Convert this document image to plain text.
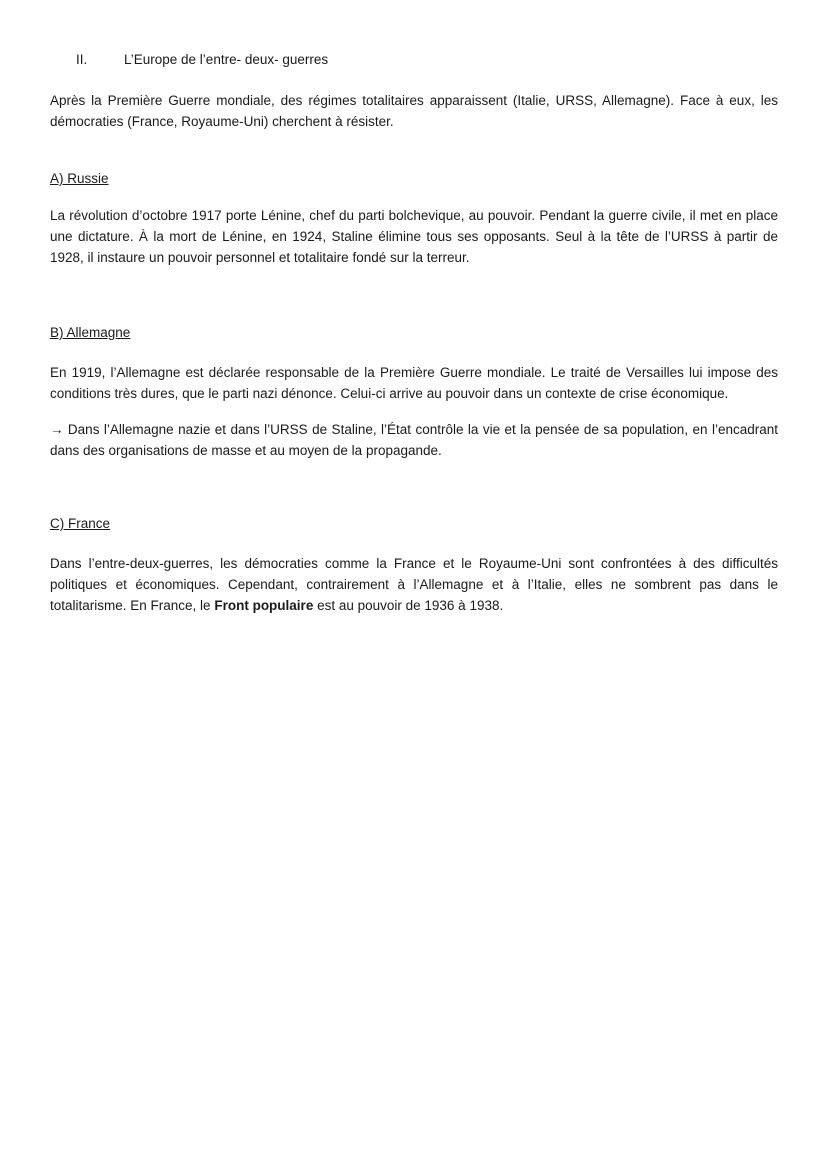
II.	L’Europe de l’entre- deux- guerres

Après la Première Guerre mondiale, des régimes totalitaires apparaissent (Italie, URSS, Allemagne). Face à eux, les démocraties (France, Royaume-Uni) cherchent à résister.

A) Russie

La révolution d’octobre 1917 porte Lénine, chef du parti bolchevique, au pouvoir. Pendant la guerre civile, il met en place une dictature. À la mort de Lénine, en 1924, Staline élimine tous ses opposants. Seul à la tête de l’URSS à partir de 1928, il instaure un pouvoir personnel et totalitaire fondé sur la terreur.

B) Allemagne

En 1919, l’Allemagne est déclarée responsable de la Première Guerre mondiale. Le traité de Versailles lui impose des conditions très dures, que le parti nazi dénonce. Celui-ci arrive au pouvoir dans un contexte de crise économique.

→ Dans l’Allemagne nazie et dans l’URSS de Staline, l’État contrôle la vie et la pensée de sa population, en l’encadrant dans des organisations de masse et au moyen de la propagande.

C) France

Dans l’entre-deux-guerres, les démocraties comme la France et le Royaume-Uni sont confrontées à des difficultés politiques et économiques. Cependant, contrairement à l’Allemagne et à l’Italie, elles ne sombrent pas dans le totalitarisme. En France, le Front populaire est au pouvoir de 1936 à 1938.
